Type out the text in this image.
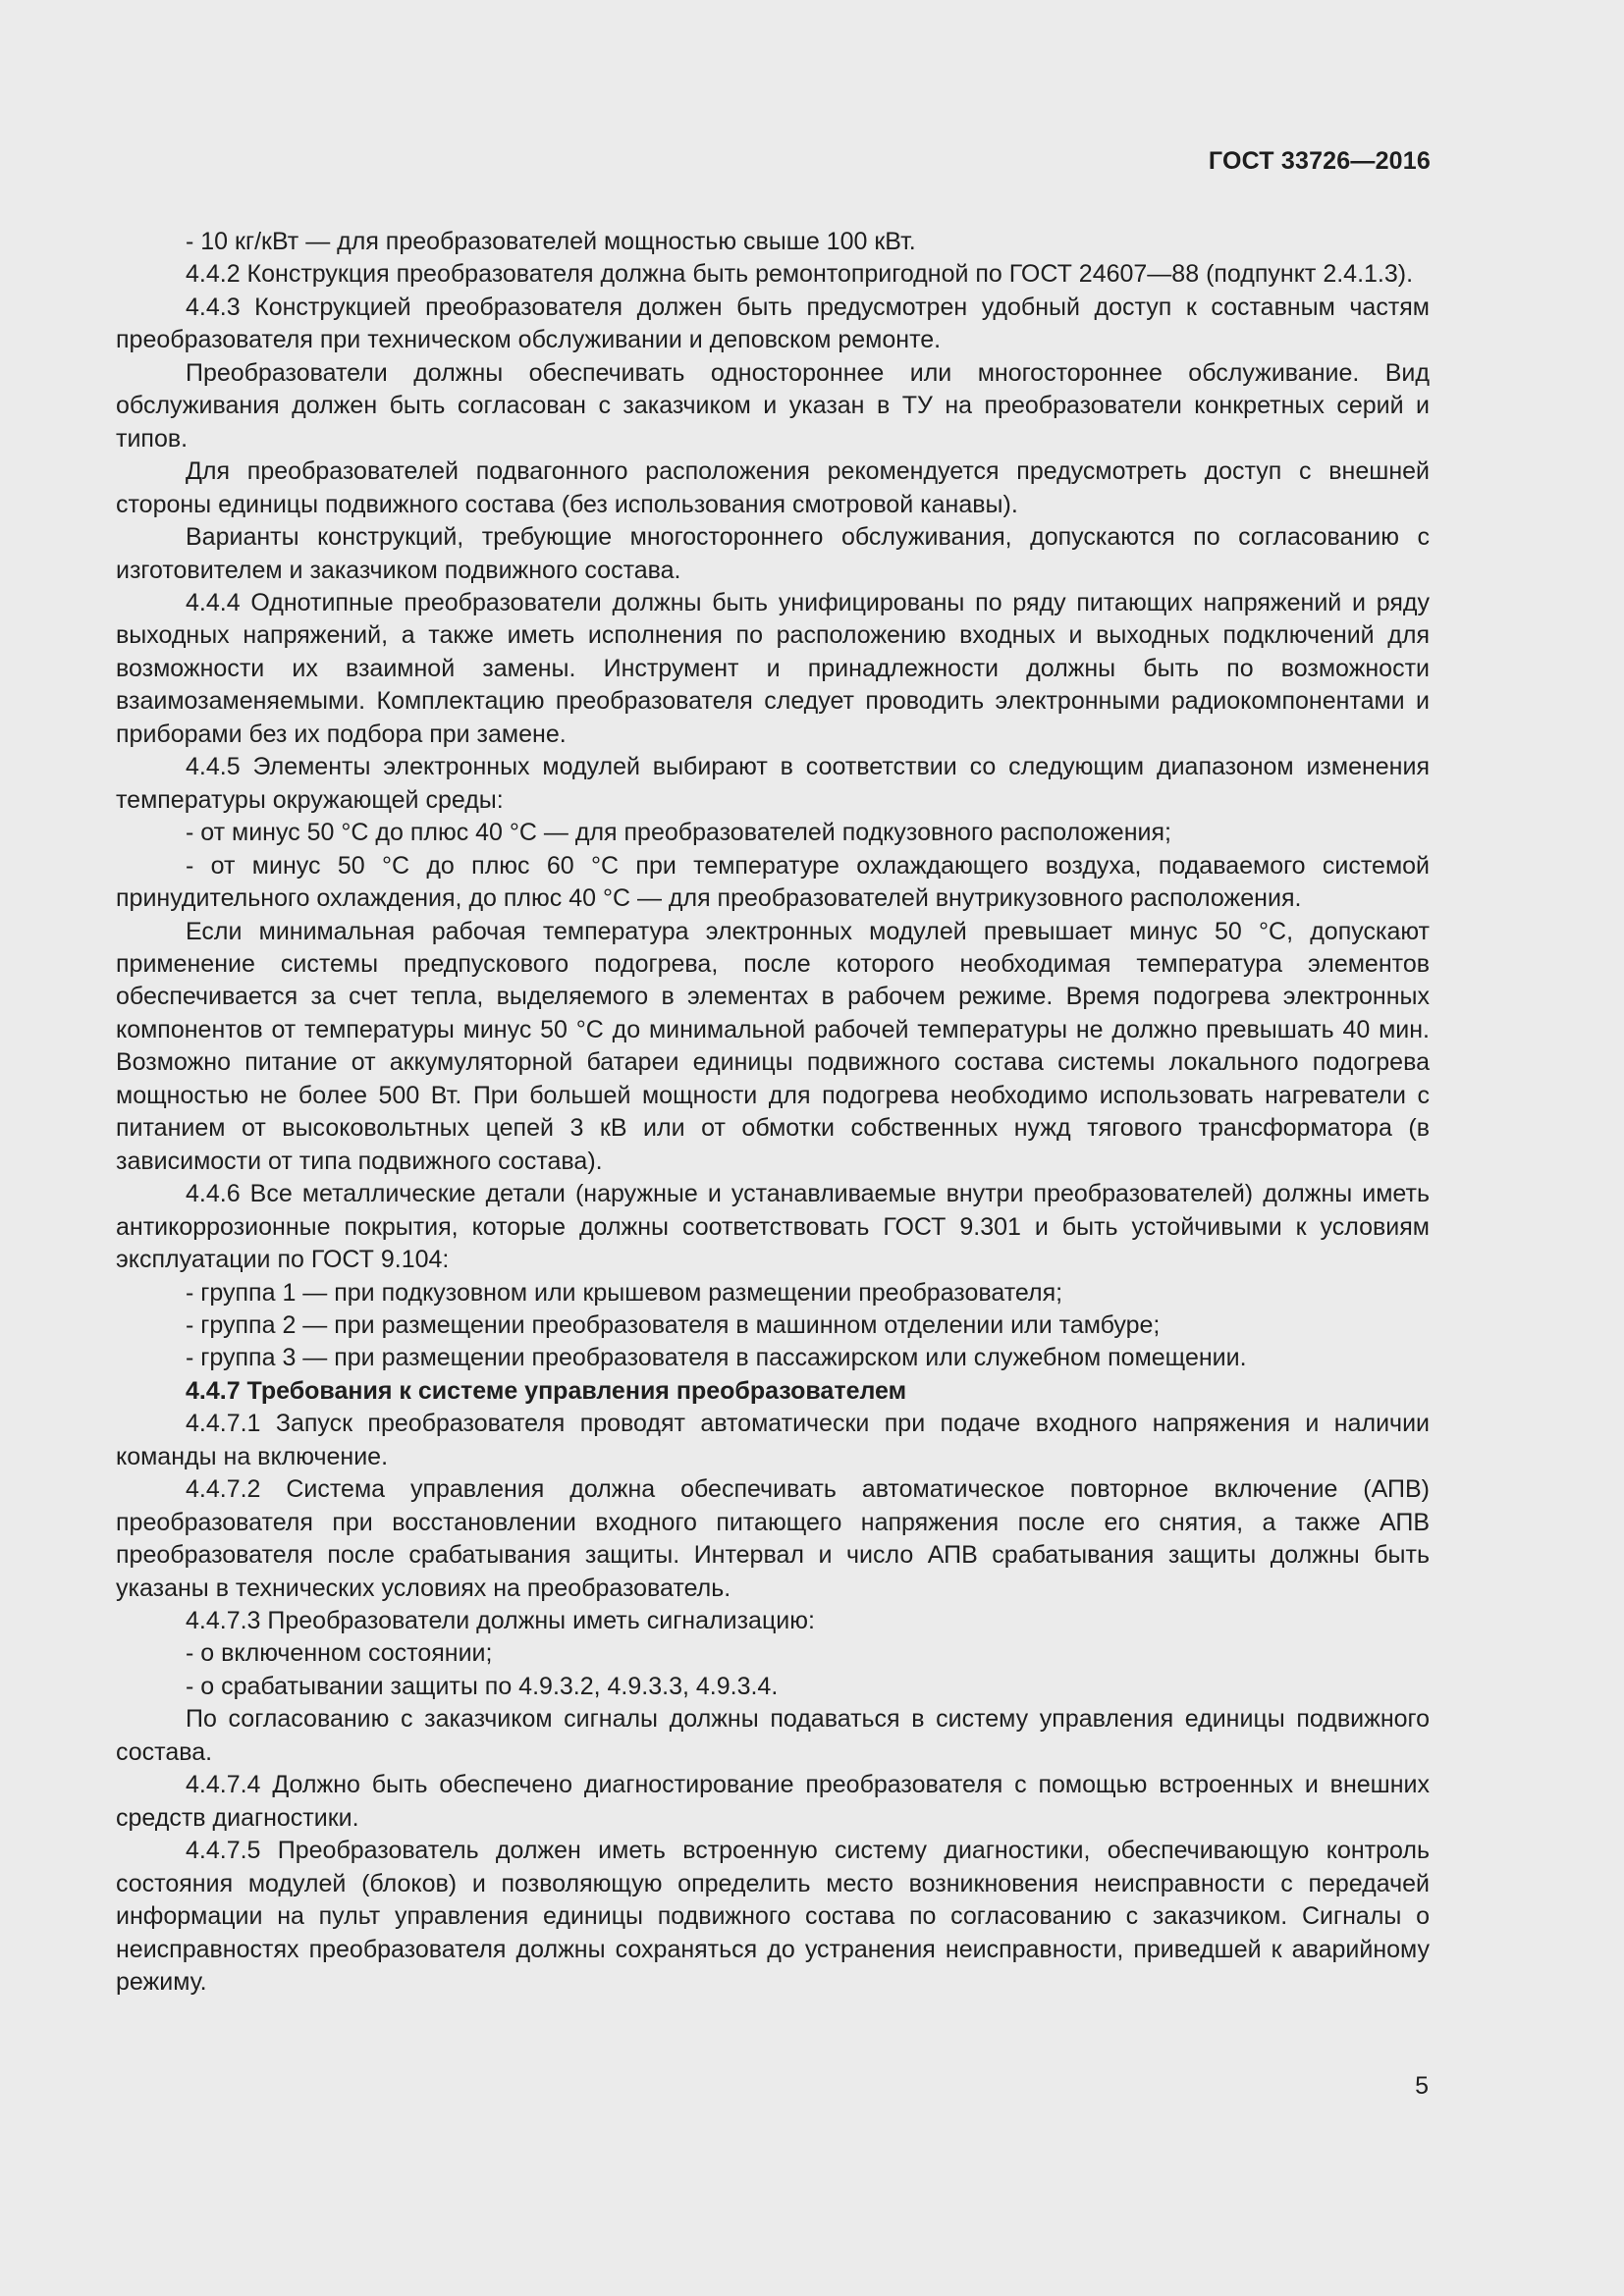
ГОСТ 33726—2016

- 10 кг/кВт — для преобразователей мощностью свыше 100 кВт.

4.4.2 Конструкция преобразователя должна быть ремонтопригодной по ГОСТ 24607—88 (подпункт 2.4.1.3).

4.4.3 Конструкцией преобразователя должен быть предусмотрен удобный доступ к составным частям преобразователя при техническом обслуживании и деповском ремонте.

Преобразователи должны обеспечивать одностороннее или многостороннее обслуживание. Вид обслуживания должен быть согласован с заказчиком и указан в ТУ на преобразователи конкретных серий и типов.

Для преобразователей подвагонного расположения рекомендуется предусмотреть доступ с внешней стороны единицы подвижного состава (без использования смотровой канавы).

Варианты конструкций, требующие многостороннего обслуживания, допускаются по согласованию с изготовителем и заказчиком подвижного состава.

4.4.4 Однотипные преобразователи должны быть унифицированы по ряду питающих напряжений и ряду выходных напряжений, а также иметь исполнения по расположению входных и выходных подключений для возможности их взаимной замены. Инструмент и принадлежности должны быть по возможности взаимозаменяемыми. Комплектацию преобразователя следует проводить электронными радиокомпонентами и приборами без их подбора при замене.

4.4.5 Элементы электронных модулей выбирают в соответствии со следующим диапазоном изменения температуры окружающей среды:

- от минус 50 °С до плюс 40 °С — для преобразователей подкузовного расположения;

- от минус 50 °С до плюс 60 °С при температуре охлаждающего воздуха, подаваемого системой принудительного охлаждения, до плюс 40 °С — для преобразователей внутрикузовного расположения.

Если минимальная рабочая температура электронных модулей превышает минус 50 °С, допускают применение системы предпускового подогрева, после которого необходимая температура элементов обеспечивается за счет тепла, выделяемого в элементах в рабочем режиме. Время подогрева электронных компонентов от температуры минус 50 °С до минимальной рабочей температуры не должно превышать 40 мин. Возможно питание от аккумуляторной батареи единицы подвижного состава системы локального подогрева мощностью не более 500 Вт. При большей мощности для подогрева необходимо использовать нагреватели с питанием от высоковольтных цепей 3 кВ или от обмотки собственных нужд тягового трансформатора (в зависимости от типа подвижного состава).

4.4.6 Все металлические детали (наружные и устанавливаемые внутри преобразователей) должны иметь антикоррозионные покрытия, которые должны соответствовать ГОСТ 9.301 и быть устойчивыми к условиям эксплуатации по ГОСТ 9.104:

- группа 1 — при подкузовном или крышевом размещении преобразователя;

- группа 2 — при размещении преобразователя в машинном отделении или тамбуре;

- группа 3 — при размещении преобразователя в пассажирском или служебном помещении.

4.4.7 Требования к системе управления преобразователем

4.4.7.1 Запуск преобразователя проводят автоматически при подаче входного напряжения и наличии команды на включение.

4.4.7.2 Система управления должна обеспечивать автоматическое повторное включение (АПВ) преобразователя при восстановлении входного питающего напряжения после его снятия, а также АПВ преобразователя после срабатывания защиты. Интервал и число АПВ срабатывания защиты должны быть указаны в технических условиях на преобразователь.

4.4.7.3 Преобразователи должны иметь сигнализацию:

- о включенном состоянии;

- о срабатывании защиты по 4.9.3.2, 4.9.3.3, 4.9.3.4.

По согласованию с заказчиком сигналы должны подаваться в систему управления единицы подвижного состава.

4.4.7.4 Должно быть обеспечено диагностирование преобразователя с помощью встроенных и внешних средств диагностики.

4.4.7.5 Преобразователь должен иметь встроенную систему диагностики, обеспечивающую контроль состояния модулей (блоков) и позволяющую определить место возникновения неисправности с передачей информации на пульт управления единицы подвижного состава по согласованию с заказчиком. Сигналы о неисправностях преобразователя должны сохраняться до устранения неисправности, приведшей к аварийному режиму.

5
